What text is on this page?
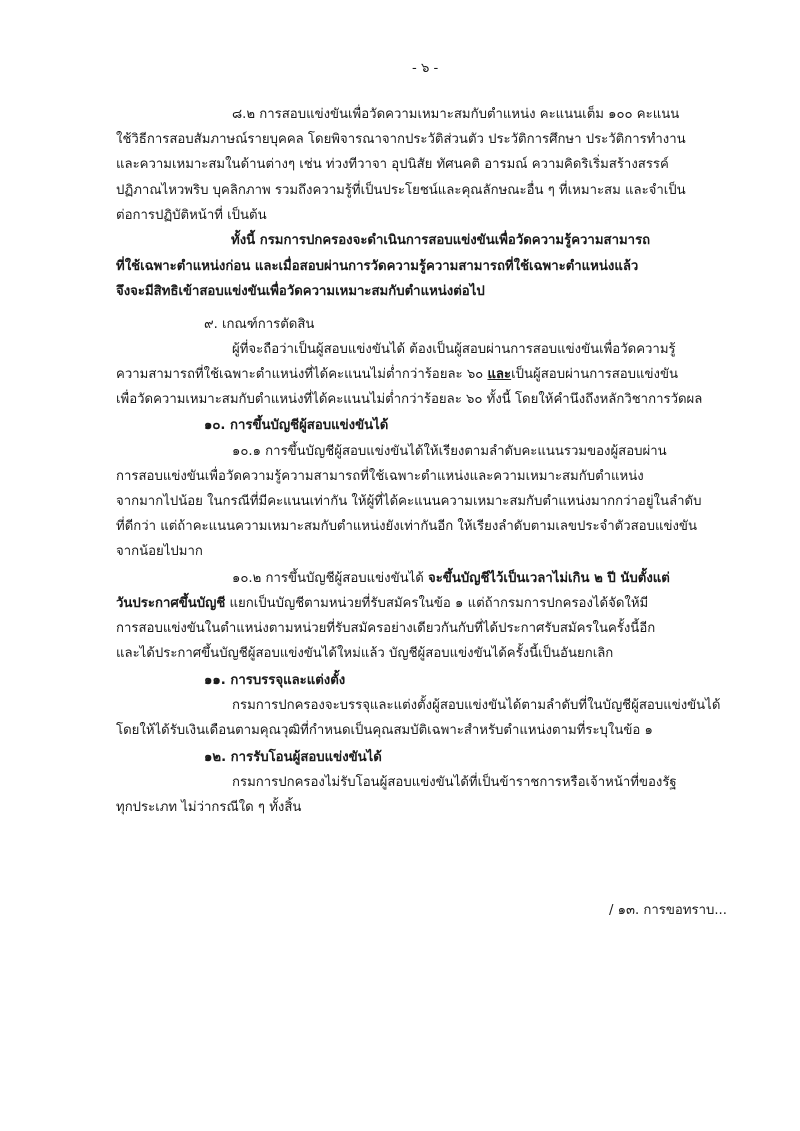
- ๖ -
๘.๒ การสอบแข่งขันเพื่อวัดความเหมาะสมกับตำแหน่ง คะแนนเต็ม ๑๐๐ คะแนน
ใช้วิธีการสอบสัมภาษณ์รายบุคคล โดยพิจารณาจากประวัติส่วนตัว ประวัติการศึกษา ประวัติการทำงาน
และความเหมาะสมในด้านต่างๆ เช่น ท่วงทีวาจา อุปนิสัย ทัศนคติ อารมณ์ ความคิดริเริ่มสร้างสรรค์
ปฏิภาณไหวพริบ บุคลิกภาพ รวมถึงความรู้ที่เป็นประโยชน์และคุณลักษณะอื่น ๆ ที่เหมาะสม และจำเป็น
ต่อการปฏิบัติหน้าที่ เป็นต้น
ทั้งนี้ กรมการปกครองจะดำเนินการสอบแข่งขันเพื่อวัดความรู้ความสามารถ
ที่ใช้เฉพาะตำแหน่งก่อน และเมื่อสอบผ่านการวัดความรู้ความสามารถที่ใช้เฉพาะตำแหน่งแล้ว
จึงจะมีสิทธิเข้าสอบแข่งขันเพื่อวัดความเหมาะสมกับตำแหน่งต่อไป
๙. เกณฑ์การตัดสิน
ผู้ที่จะถือว่าเป็นผู้สอบแข่งขันได้ ต้องเป็นผู้สอบผ่านการสอบแข่งขันเพื่อวัดความรู้
ความสามารถที่ใช้เฉพาะตำแหน่งที่ได้คะแนนไม่ต่ำกว่าร้อยละ ๖๐ และเป็นผู้สอบผ่านการสอบแข่งขัน
เพื่อวัดความเหมาะสมกับตำแหน่งที่ได้คะแนนไม่ต่ำกว่าร้อยละ ๖๐ ทั้งนี้ โดยให้คำนึงถึงหลักวิชาการวัดผล
๑๐. การขึ้นบัญชีผู้สอบแข่งขันได้
๑๐.๑ การขึ้นบัญชีผู้สอบแข่งขันได้ให้เรียงตามลำดับคะแนนรวมของผู้สอบผ่าน
การสอบแข่งขันเพื่อวัดความรู้ความสามารถที่ใช้เฉพาะตำแหน่งและความเหมาะสมกับตำแหน่ง
จากมากไปน้อย ในกรณีที่มีคะแนนเท่ากัน ให้ผู้ที่ได้คะแนนความเหมาะสมกับตำแหน่งมากกว่าอยู่ในลำดับ
ที่ดีกว่า แต่ถ้าคะแนนความเหมาะสมกับตำแหน่งยังเท่ากันอีก ให้เรียงลำดับตามเลขประจำตัวสอบแข่งขัน
จากน้อยไปมาก
๑๐.๒ การขึ้นบัญชีผู้สอบแข่งขันได้ จะขึ้นบัญชีไว้เป็นเวลาไม่เกิน ๒ ปี นับตั้งแต่
วันประกาศขึ้นบัญชี แยกเป็นบัญชีตามหน่วยที่รับสมัครในข้อ ๑ แต่ถ้ากรมการปกครองได้จัดให้มี
การสอบแข่งขันในตำแหน่งตามหน่วยที่รับสมัครอย่างเดียวกันกับที่ได้ประกาศรับสมัครในครั้งนี้อีก
และได้ประกาศขึ้นบัญชีผู้สอบแข่งขันได้ใหม่แล้ว บัญชีผู้สอบแข่งขันได้ครั้งนี้เป็นอันยกเลิก
๑๑. การบรรจุและแต่งตั้ง
กรมการปกครองจะบรรจุและแต่งตั้งผู้สอบแข่งขันได้ตามลำดับที่ในบัญชีผู้สอบแข่งขันได้
โดยให้ได้รับเงินเดือนตามคุณวุฒิที่กำหนดเป็นคุณสมบัติเฉพาะสำหรับตำแหน่งตามที่ระบุในข้อ ๑
๑๒. การรับโอนผู้สอบแข่งขันได้
กรมการปกครองไม่รับโอนผู้สอบแข่งขันได้ที่เป็นข้าราชการหรือเจ้าหน้าที่ของรัฐ
ทุกประเภท ไม่ว่ากรณีใด ๆ ทั้งสิ้น
/ ๑๓. การขอทราบ...
